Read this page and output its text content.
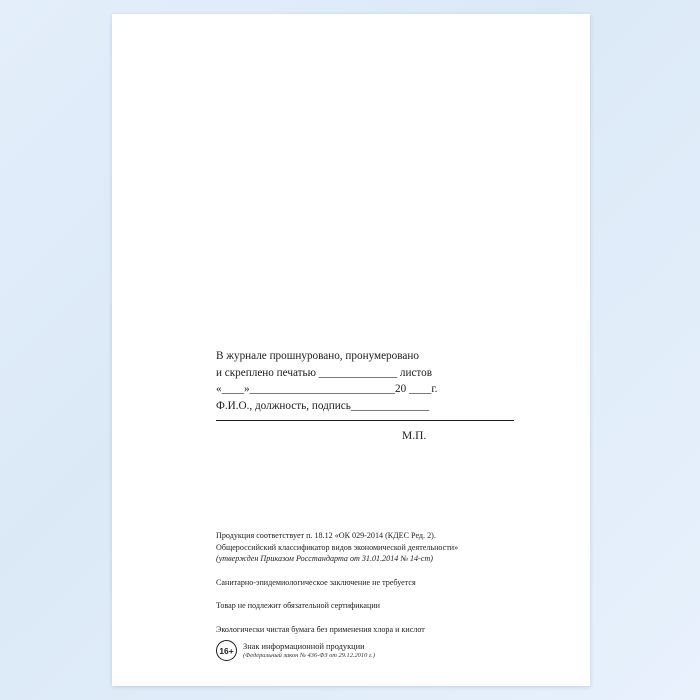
В журнале прошнуровано, пронумеровано
и скреплено печатью ______________ листов
«____»__________________________20 ____г.
Ф.И.О., должность, подпись______________
М.П.
Продукция соответствует п. 18.12 «ОК 029-2014 (КДЕС Ред. 2).
Общероссийский классификатор видов экономической деятельности»
(утвержден Приказом Росстандарта от 31.01.2014 № 14-ст)
Санитарно-эпидемиологическое заключение не требуется
Товар не подлежит обязательной сертификации
Экологически чистая бумага без применения хлора и кислот
16+	Знак информационной продукции
(Федеральный закон № 436-ФЗ от 29.12.2010 г.)
